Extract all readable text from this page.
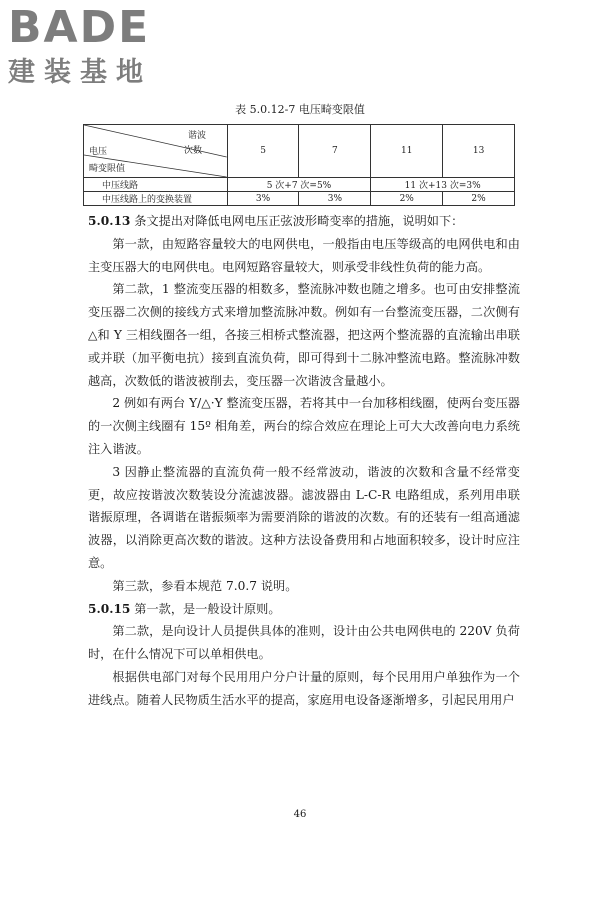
BADE
建装基地
表 5.0.12-7 电压畸变限值
谐波
次数
电压
畸变限值	5	7	11	13
中压线路	5 次+7 次=5%		11 次+13 次=3%	
中压线路上的变换装置	3%	3%	2%	2%

5.0.13 条文提出对降低电网电压正弦波形畸变率的措施，说明如下：

第一款，由短路容量较大的电网供电，一般指由电压等级高的电网供电和由主变压器大的电网供电。电网短路容量较大，则承受非线性负荷的能力高。

第二款，1 整流变压器的相数多，整流脉冲数也随之增多。也可由安排整流变压器二次侧的接线方式来增加整流脉冲数。例如有一台整流变压器，二次侧有△和 Y 三相线圈各一组，各接三相桥式整流器，把这两个整流器的直流输出串联或并联（加平衡电抗）接到直流负荷，即可得到十二脉冲整流电路。整流脉冲数越高，次数低的谐波被削去，变压器一次谐波含量越小。

2 例如有两台 Y/△·Y 整流变压器，若将其中一台加移相线圈，使两台变压器的一次侧主线圈有 15º 相角差，两台的综合效应在理论上可大大改善向电力系统注入谐波。

3 因静止整流器的直流负荷一般不经常波动，谐波的次数和含量不经常变更，故应按谐波次数装设分流滤波器。滤波器由 L-C-R 电路组成，系列用串联谐振原理，各调谐在谐振频率为需要消除的谐波的次数。有的还装有一组高通滤波器，以消除更高次数的谐波。这种方法设备费用和占地面积较多，设计时应注意。

第三款，参看本规范 7.0.7 说明。

5.0.15 第一款，是一般设计原则。

第二款，是向设计人员提供具体的准则，设计由公共电网供电的 220V 负荷时，在什么情况下可以单相供电。

根据供电部门对每个民用用户分户计量的原则，每个民用用户单独作为一个进线点。随着人民物质生活水平的提高，家庭用电设备逐渐增多，引起民用用户

46
